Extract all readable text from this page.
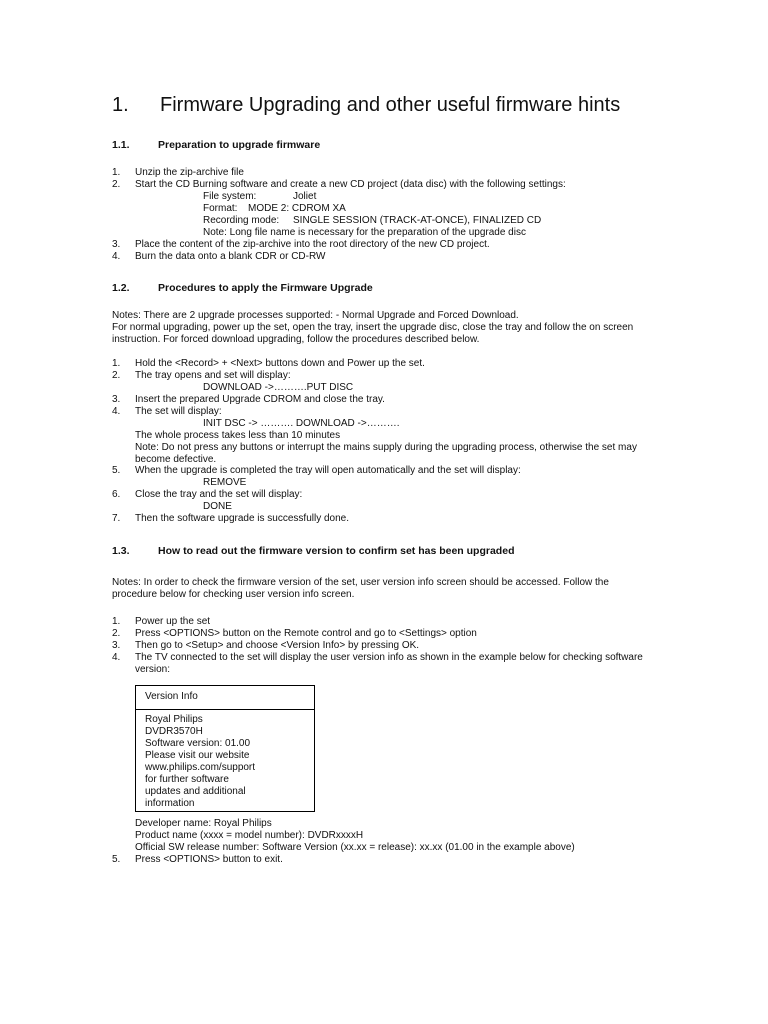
1. Firmware Upgrading and other useful firmware hints
1.1.	Preparation to upgrade firmware
1. Unzip the zip-archive file
2. Start the CD Burning software and create a new CD project (data disc) with the following settings:
File system:	Joliet
Format: MODE 2: CDROM XA
Recording mode: SINGLE SESSION (TRACK-AT-ONCE), FINALIZED CD
Note: Long file name is necessary for the preparation of the upgrade disc
3. Place the content of the zip-archive into the root directory of the new CD project.
4. Burn the data onto a blank CDR or CD-RW
1.2.	Procedures to apply the Firmware Upgrade
Notes: There are 2 upgrade processes supported: - Normal Upgrade and Forced Download.
For normal upgrading, power up the set, open the tray, insert the upgrade disc, close the tray and follow the on screen
instruction. For forced download upgrading, follow the procedures described below.
1. Hold the <Record> + <Next> buttons down and Power up the set.
2. The tray opens and set will display:
DOWNLOAD ->……….PUT DISC
3. Insert the prepared Upgrade CDROM and close the tray.
4. The set will display:
INIT DSC -> ………. DOWNLOAD ->……….
The whole process takes less than 10 minutes
Note: Do not press any buttons or interrupt the mains supply during the upgrading process, otherwise the set may
become defective.
5. When the upgrade is completed the tray will open automatically and the set will display:
REMOVE
6. Close the tray and the set will display:
DONE
7. Then the software upgrade is successfully done.
1.3.	How to read out the firmware version to confirm set has been upgraded
Notes: In order to check the firmware version of the set, user version info screen should be accessed. Follow the
procedure below for checking user version info screen.
1. Power up the set
2. Press <OPTIONS> button on the Remote control and go to <Settings> option
3. Then go to <Setup> and choose <Version Info> by pressing OK.
4. The TV connected to the set will display the user version info as shown in the example below for checking software
version:
Version Info
Royal Philips
DVDR3570H
Software version: 01.00
Please visit our website
www.philips.com/support
for further software
updates and additional
information
Developer name: Royal Philips
Product name (xxxx = model number): DVDRxxxxH
Official SW release number: Software Version (xx.xx = release): xx.xx (01.00 in the example above)
5. Press <OPTIONS> button to exit.
